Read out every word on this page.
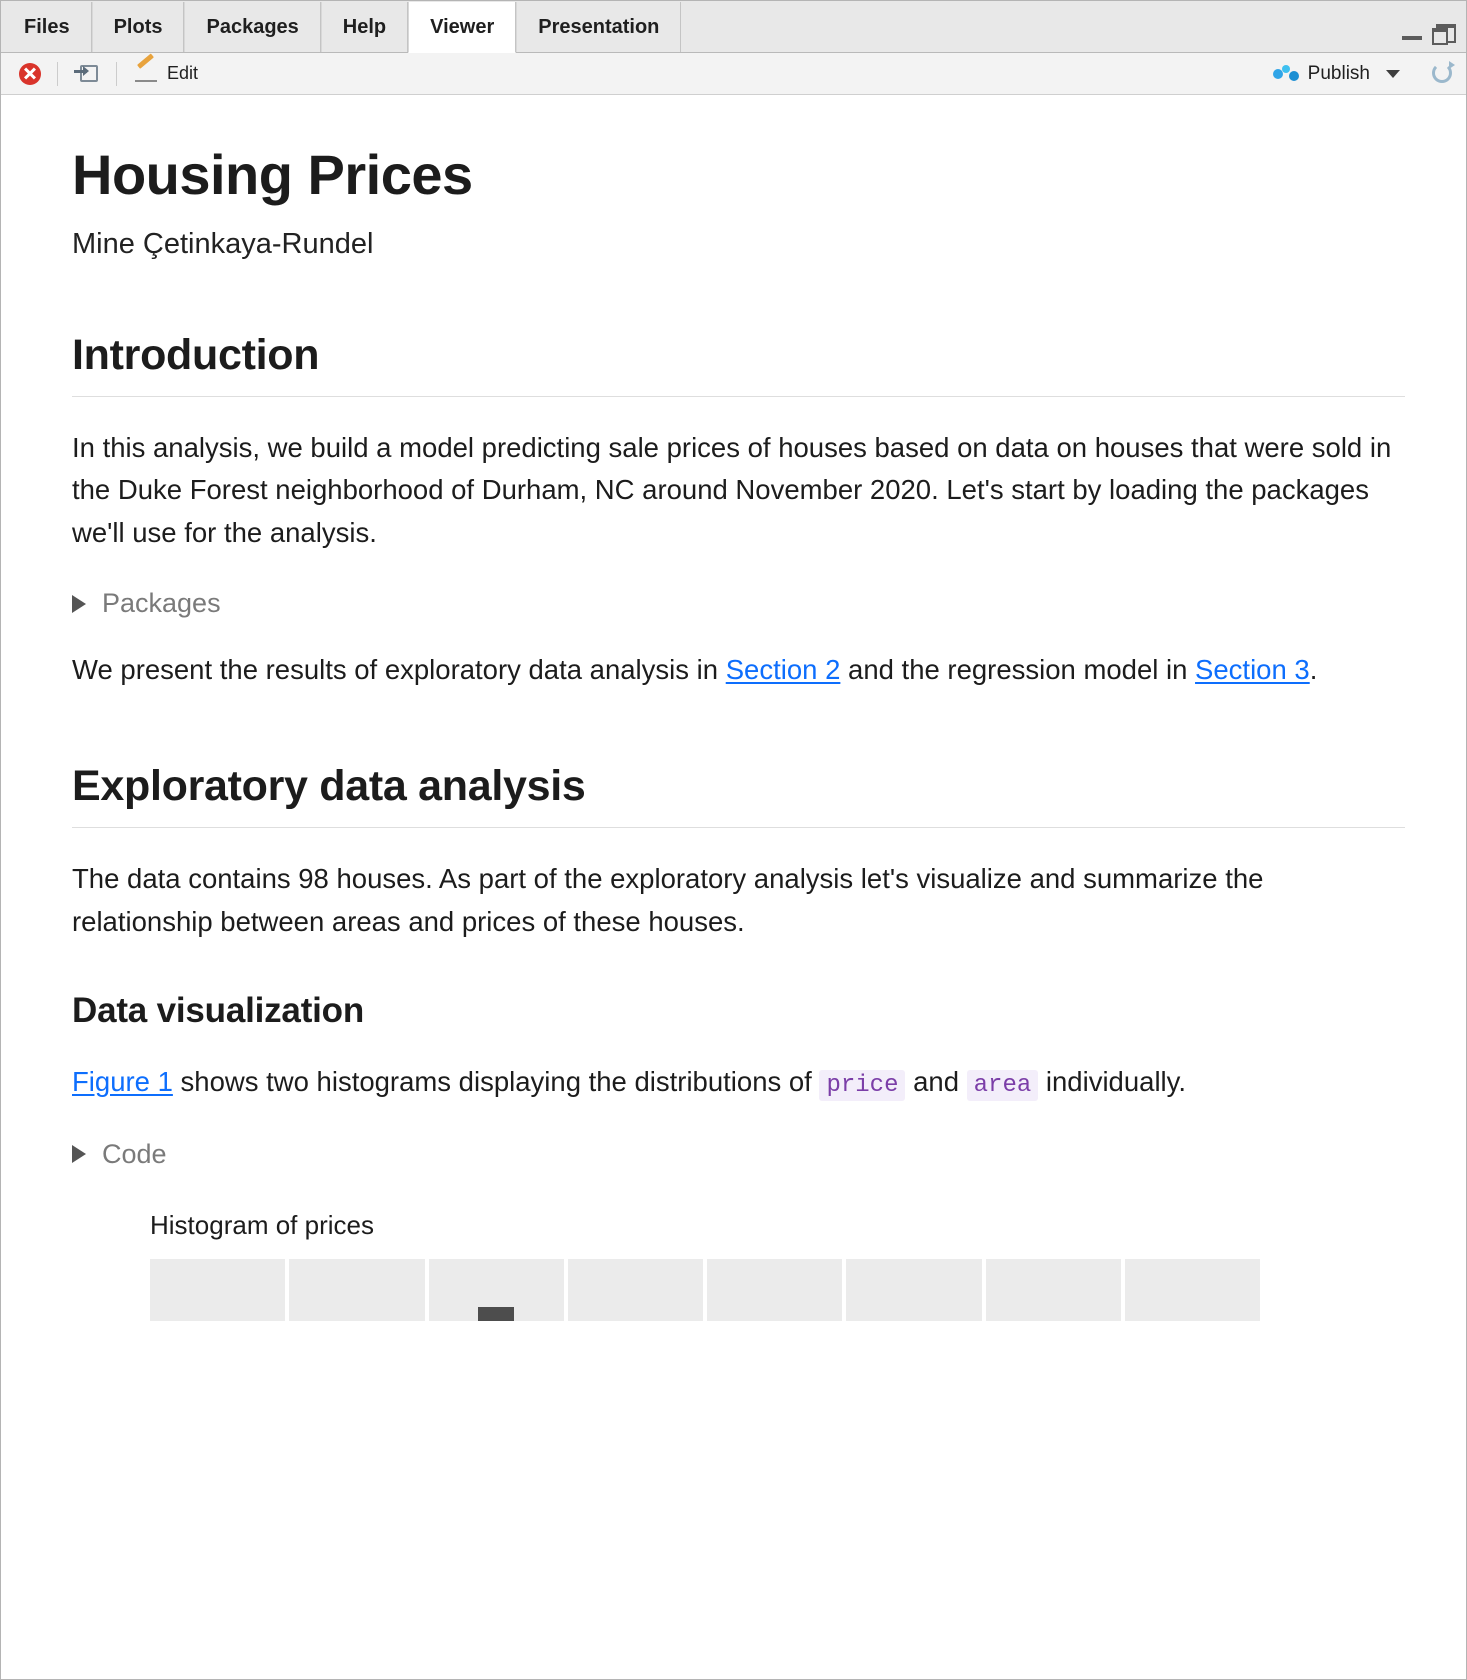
Files Plots Packages Help Viewer Presentation
Edit	Publish
Housing Prices
Mine Çetinkaya-Rundel
Introduction

In this analysis, we build a model predicting sale prices of houses based on data on houses that were sold in the Duke Forest neighborhood of Durham, NC around November 2020. Let's start by loading the packages we'll use for the analysis.

Packages

We present the results of exploratory data analysis in Section 2 and the regression model in Section 3.

Exploratory data analysis

The data contains 98 houses. As part of the exploratory analysis let's visualize and summarize the relationship between areas and prices of these houses.

Data visualization

Figure 1 shows two histograms displaying the distributions of price and area individually.

Code
Histogram of prices
